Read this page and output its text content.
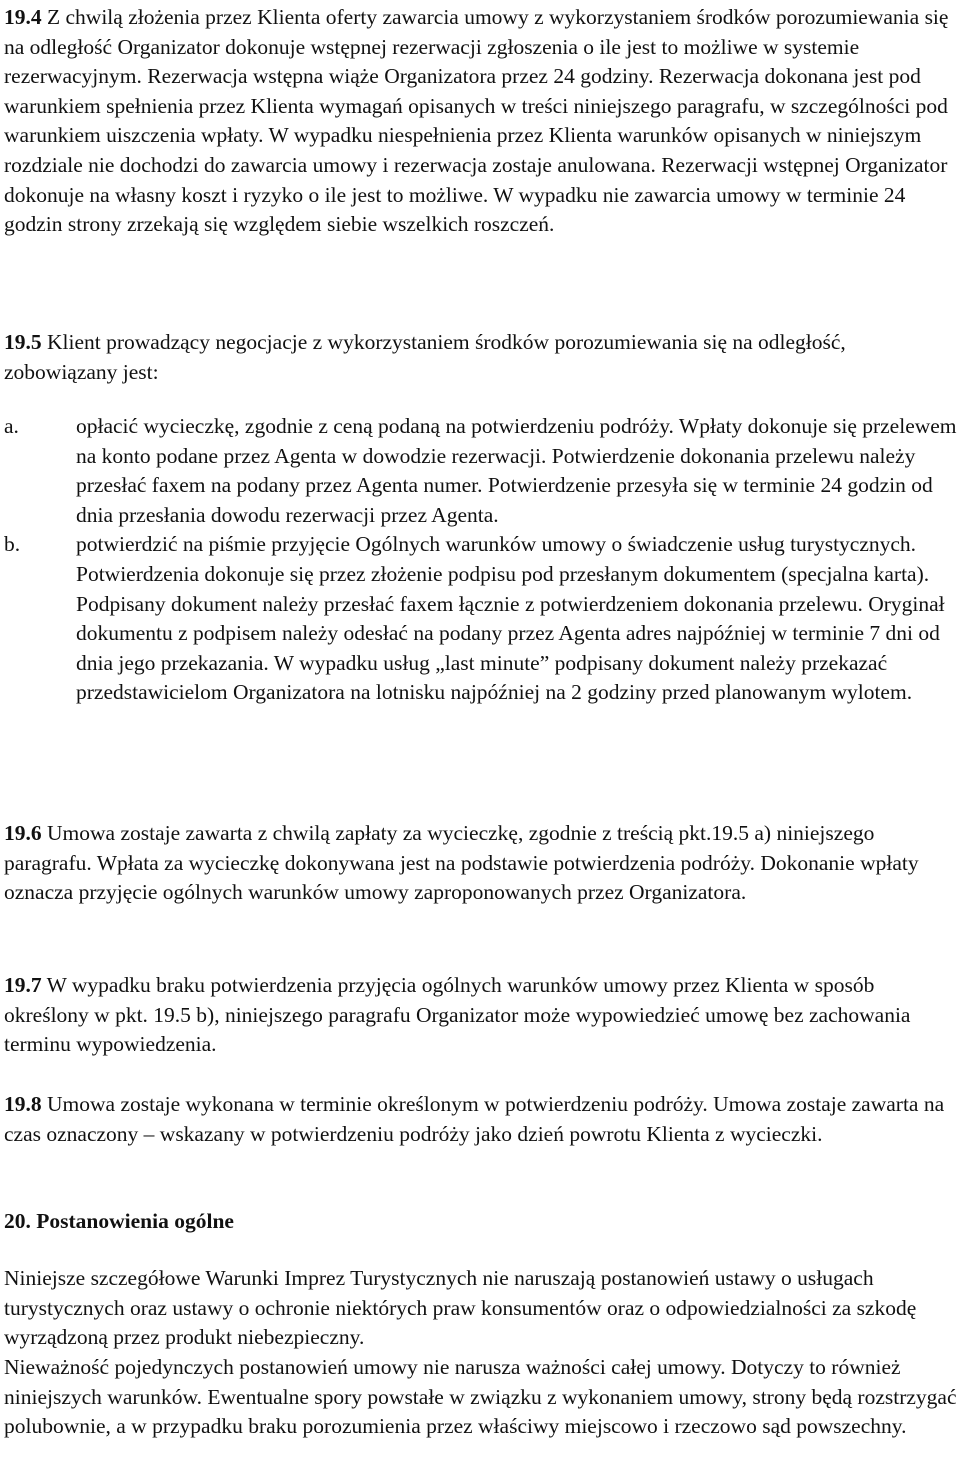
19.4 Z chwilą złożenia przez Klienta oferty zawarcia umowy z wykorzystaniem środków porozumiewania się na odległość Organizator dokonuje wstępnej rezerwacji zgłoszenia o ile jest to możliwe w systemie rezerwacyjnym. Rezerwacja wstępna wiąże Organizatora przez 24 godziny. Rezerwacja dokonana jest pod warunkiem spełnienia przez Klienta wymagań opisanych w treści niniejszego paragrafu, w szczególności pod warunkiem uiszczenia wpłaty. W wypadku niespełnienia przez Klienta warunków opisanych w niniejszym rozdziale nie dochodzi do zawarcia umowy i rezerwacja zostaje anulowana. Rezerwacji wstępnej Organizator dokonuje na własny koszt i ryzyko o ile jest to możliwe. W wypadku nie zawarcia umowy w terminie 24 godzin strony zrzekają się względem siebie wszelkich roszczeń.

19.5 Klient prowadzący negocjacje z wykorzystaniem środków porozumiewania się na odległość, zobowiązany jest:

a.	opłacić wycieczkę, zgodnie z ceną podaną na potwierdzeniu podróży. Wpłaty dokonuje się przelewem na konto podane przez Agenta w dowodzie rezerwacji. Potwierdzenie dokonania przelewu należy przesłać faxem na podany przez Agenta numer. Potwierdzenie przesyła się w terminie 24 godzin od dnia przesłania dowodu rezerwacji przez Agenta.
b.	potwierdzić na piśmie przyjęcie Ogólnych warunków umowy o świadczenie usług turystycznych. Potwierdzenia dokonuje się przez złożenie podpisu pod przesłanym dokumentem (specjalna karta). Podpisany dokument należy przesłać faxem łącznie z potwierdzeniem dokonania przelewu. Oryginał dokumentu z podpisem należy odesłać na podany przez Agenta adres najpóźniej w terminie 7 dni od dnia jego przekazania. W wypadku usług „last minute” podpisany dokument należy przekazać przedstawicielom Organizatora na lotnisku najpóźniej na 2 godziny przed planowanym wylotem.

19.6 Umowa zostaje zawarta z chwilą zapłaty za wycieczkę, zgodnie z treścią pkt.19.5 a) niniejszego paragrafu. Wpłata za wycieczkę dokonywana jest na podstawie potwierdzenia podróży. Dokonanie wpłaty oznacza przyjęcie ogólnych warunków umowy zaproponowanych przez Organizatora.

19.7 W wypadku braku potwierdzenia przyjęcia ogólnych warunków umowy przez Klienta w sposób określony w pkt. 19.5 b), niniejszego paragrafu Organizator może wypowiedzieć umowę bez zachowania terminu wypowiedzenia.

19.8 Umowa zostaje wykonana w terminie określonym w potwierdzeniu podróży. Umowa zostaje zawarta na czas oznaczony – wskazany w potwierdzeniu podróży jako dzień powrotu Klienta z wycieczki.

20. Postanowienia ogólne

Niniejsze szczegółowe Warunki Imprez Turystycznych nie naruszają postanowień ustawy o usługach turystycznych oraz ustawy o ochronie niektórych praw konsumentów oraz o odpowiedzialności za szkodę wyrządzoną przez produkt niebezpieczny.

Nieważność pojedynczych postanowień umowy nie narusza ważności całej umowy. Dotyczy to również niniejszych warunków. Ewentualne spory powstałe w związku z wykonaniem umowy, strony będą rozstrzygać polubownie, a w przypadku braku porozumienia przez właściwy miejscowo i rzeczowo sąd powszechny.
